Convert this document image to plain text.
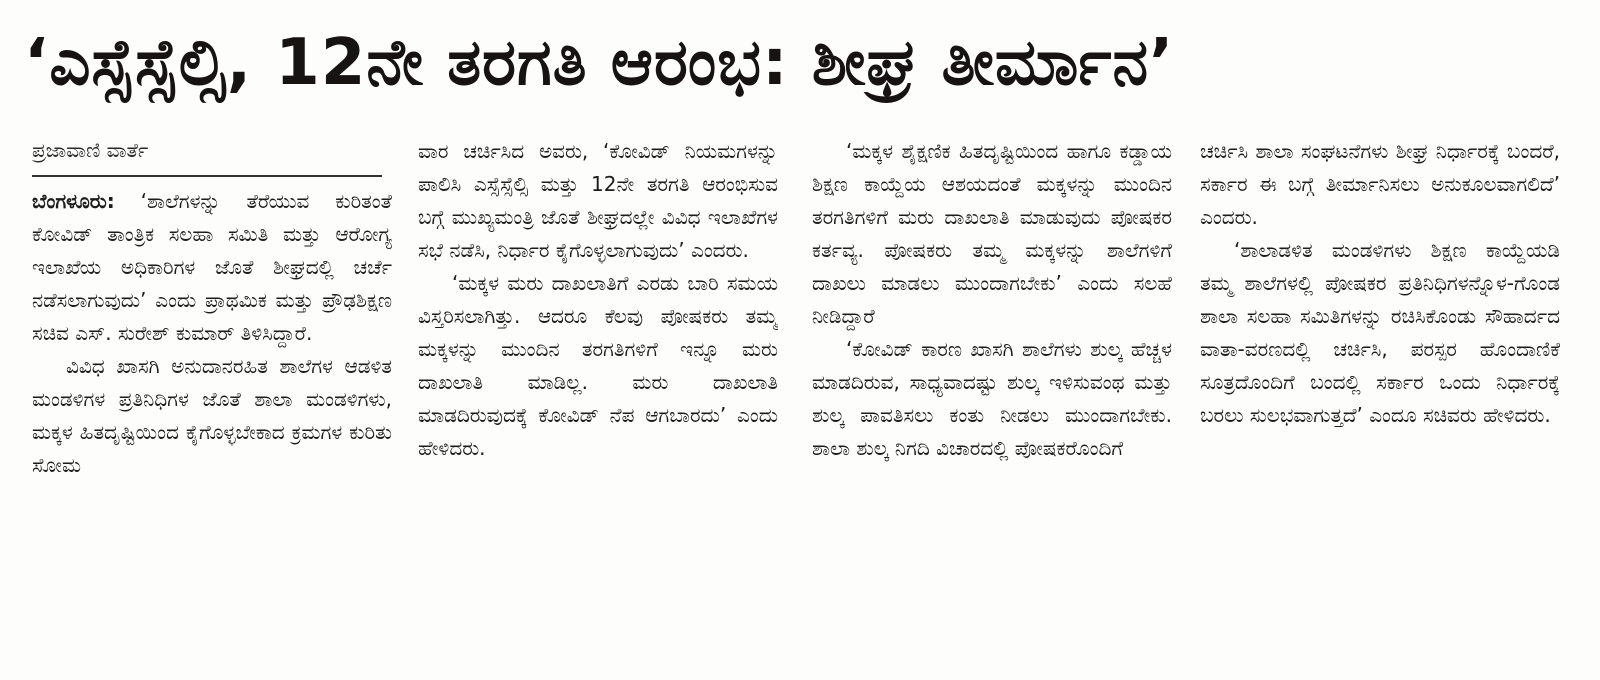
‘ಎಸ್ಸೆಸ್ಸೆಲ್ಸಿ, 12ನೇ ತರಗತಿ ಆರಂಭ: ಶೀಘ್ರ ತೀರ್ಮಾನ’
ಪ್ರಜಾವಾಣಿ ವಾರ್ತೆ

ಬೆಂಗಳೂರು: ‘ಶಾಲೆಗಳನ್ನು ತೆರೆಯುವ ಕುರಿತಂತೆ ಕೋವಿಡ್ ತಾಂತ್ರಿಕ ಸಲಹಾ ಸಮಿತಿ ಮತ್ತು ಆರೋಗ್ಯ ಇಲಾಖೆಯ ಅಧಿಕಾರಿಗಳ ಜೊತೆ ಶೀಘ್ರದಲ್ಲಿ ಚರ್ಚೆ ನಡೆಸಲಾಗುವುದು’ ಎಂದು ಪ್ರಾಥಮಿಕ ಮತ್ತು ಪ್ರೌಢಶಿಕ್ಷಣ ಸಚಿವ ಎಸ್. ಸುರೇಶ್ ಕುಮಾರ್ ತಿಳಿಸಿದ್ದಾರೆ.

ವಿವಿಧ ಖಾಸಗಿ ಅನುದಾನರಹಿತ ಶಾಲೆಗಳ ಆಡಳಿತ ಮಂಡಳಿಗಳ ಪ್ರತಿನಿಧಿಗಳ ಜೊತೆ ಶಾಲಾ ಮಂಡಳಿಗಳು, ಮಕ್ಕಳ ಹಿತದೃಷ್ಟಿಯಿಂದ ಕೈಗೊಳ್ಳಬೇಕಾದ ಕ್ರಮಗಳ ಕುರಿತು ಸೋಮ

ವಾರ ಚರ್ಚಿಸಿದ ಅವರು, ‘ಕೋವಿಡ್ ನಿಯಮಗಳನ್ನು ಪಾಲಿಸಿ ಎಸ್ಸೆಸ್ಸೆಲ್ಸಿ ಮತ್ತು 12ನೇ ತರಗತಿ ಆರಂಭಿಸುವ ಬಗ್ಗೆ ಮುಖ್ಯಮಂತ್ರಿ ಜೊತೆ ಶೀಘ್ರದಲ್ಲೇ ವಿವಿಧ ಇಲಾಖೆಗಳ ಸಭೆ ನಡೆಸಿ, ನಿರ್ಧಾರ ಕೈಗೊಳ್ಳಲಾಗುವುದು’ ಎಂದರು.

‘ಮಕ್ಕಳ ಮರು ದಾಖಲಾತಿಗೆ ಎರಡು ಬಾರಿ ಸಮಯ ವಿಸ್ತರಿಸಲಾಗಿತ್ತು. ಆದರೂ ಕೆಲವು ಪೋಷಕರು ತಮ್ಮ ಮಕ್ಕಳನ್ನು ಮುಂದಿನ ತರಗತಿಗಳಿಗೆ ಇನ್ನೂ ಮರು ದಾಖಲಾತಿ ಮಾಡಿಲ್ಲ. ಮರು ದಾಖಲಾತಿ ಮಾಡದಿರುವುದಕ್ಕೆ ಕೋವಿಡ್ ನೆಪ ಆಗಬಾರದು’ ಎಂದು ಹೇಳಿದರು.

‘ಮಕ್ಕಳ ಶೈಕ್ಷಣಿಕ ಹಿತದೃಷ್ಟಿಯಿಂದ ಹಾಗೂ ಕಡ್ಡಾಯ ಶಿಕ್ಷಣ ಕಾಯ್ದೆಯ ಆಶಯದಂತೆ ಮಕ್ಕಳನ್ನು ಮುಂದಿನ ತರಗತಿಗಳಿಗೆ ಮರು ದಾಖಲಾತಿ ಮಾಡುವುದು ಪೋಷಕರ ಕರ್ತವ್ಯ. ಪೋಷಕರು ತಮ್ಮ ಮಕ್ಕಳನ್ನು ಶಾಲೆಗಳಿಗೆ ದಾಖಲು ಮಾಡಲು ಮುಂದಾಗಬೇಕು’ ಎಂದು ಸಲಹೆ ನೀಡಿದ್ದಾರೆ

‘ಕೋವಿಡ್ ಕಾರಣ ಖಾಸಗಿ ಶಾಲೆಗಳು ಶುಲ್ಕ ಹೆಚ್ಚಳ ಮಾಡದಿರುವ, ಸಾಧ್ಯವಾದಷ್ಟು ಶುಲ್ಕ ಇಳಿಸುವಂಥ ಮತ್ತು ಶುಲ್ಕ ಪಾವತಿಸಲು ಕಂತು ನೀಡಲು ಮುಂದಾಗಬೇಕು. ಶಾಲಾ ಶುಲ್ಕ ನಿಗದಿ ವಿಚಾರದಲ್ಲಿ ಪೋಷಕರೊಂದಿಗೆ

ಚರ್ಚಿಸಿ ಶಾಲಾ ಸಂಘಟನೆಗಳು ಶೀಘ್ರ ನಿರ್ಧಾರಕ್ಕೆ ಬಂದರೆ, ಸರ್ಕಾರ ಈ ಬಗ್ಗೆ ತೀರ್ಮಾನಿಸಲು ಅನುಕೂಲವಾಗಲಿದೆ’ ಎಂದರು.

‘ಶಾಲಾಡಳಿತ ಮಂಡಳಿಗಳು ಶಿಕ್ಷಣ ಕಾಯ್ದೆಯಡಿ ತಮ್ಮ ಶಾಲೆಗಳಲ್ಲಿ ಪೋಷಕರ ಪ್ರತಿನಿಧಿಗಳನ್ನೊಳ-ಗೊಂಡ ಶಾಲಾ ಸಲಹಾ ಸಮಿತಿಗಳನ್ನು ರಚಿಸಿಕೊಂಡು ಸೌಹಾರ್ದದ ವಾತಾ-ವರಣದಲ್ಲಿ ಚರ್ಚಿಸಿ, ಪರಸ್ಪರ ಹೊಂದಾಣಿಕೆ ಸೂತ್ರದೊಂದಿಗೆ ಬಂದಲ್ಲಿ ಸರ್ಕಾರ ಒಂದು ನಿರ್ಧಾರಕ್ಕೆ ಬರಲು ಸುಲಭವಾಗುತ್ತದೆ’ ಎಂದೂ ಸಚಿವರು ಹೇಳಿದರು.
